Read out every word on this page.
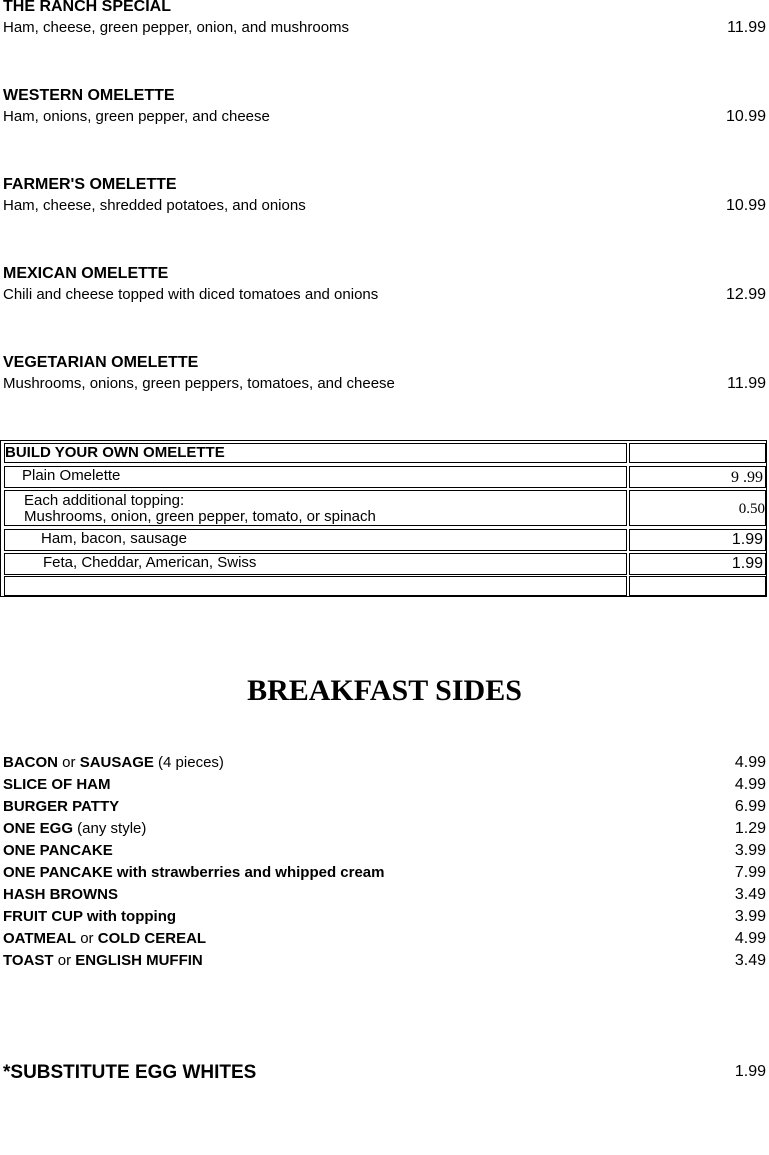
THE RANCH SPECIAL
Ham, cheese, green pepper, onion, and mushrooms	11.99
WESTERN OMELETTE
Ham, onions, green pepper, and cheese	10.99
FARMER'S OMELETTE
Ham, cheese, shredded potatoes, and onions	10.99
MEXICAN OMELETTE
Chili and cheese topped with diced tomatoes and onions	12.99
VEGETARIAN OMELETTE
Mushrooms, onions, green peppers, tomatoes, and cheese	11.99
BUILD YOUR OWN OMELETTE
Plain Omelette	9 .99
Each additional topping:
Mushrooms, onion, green pepper, tomato, or spinach	0.50
Ham, bacon, sausage	1.99
Feta, Cheddar, American, Swiss	1.99
BREAKFAST SIDES
BACON or SAUSAGE (4 pieces)	4.99
SLICE OF HAM	4.99
BURGER PATTY	6.99
ONE EGG (any style)	1.29
ONE PANCAKE	3.99
ONE PANCAKE with strawberries and whipped cream	7.99
HASH BROWNS	3.49
FRUIT CUP with topping	3.99
OATMEAL or COLD CEREAL	4.99
TOAST or ENGLISH MUFFIN	3.49
*SUBSTITUTE EGG WHITES	1.99
